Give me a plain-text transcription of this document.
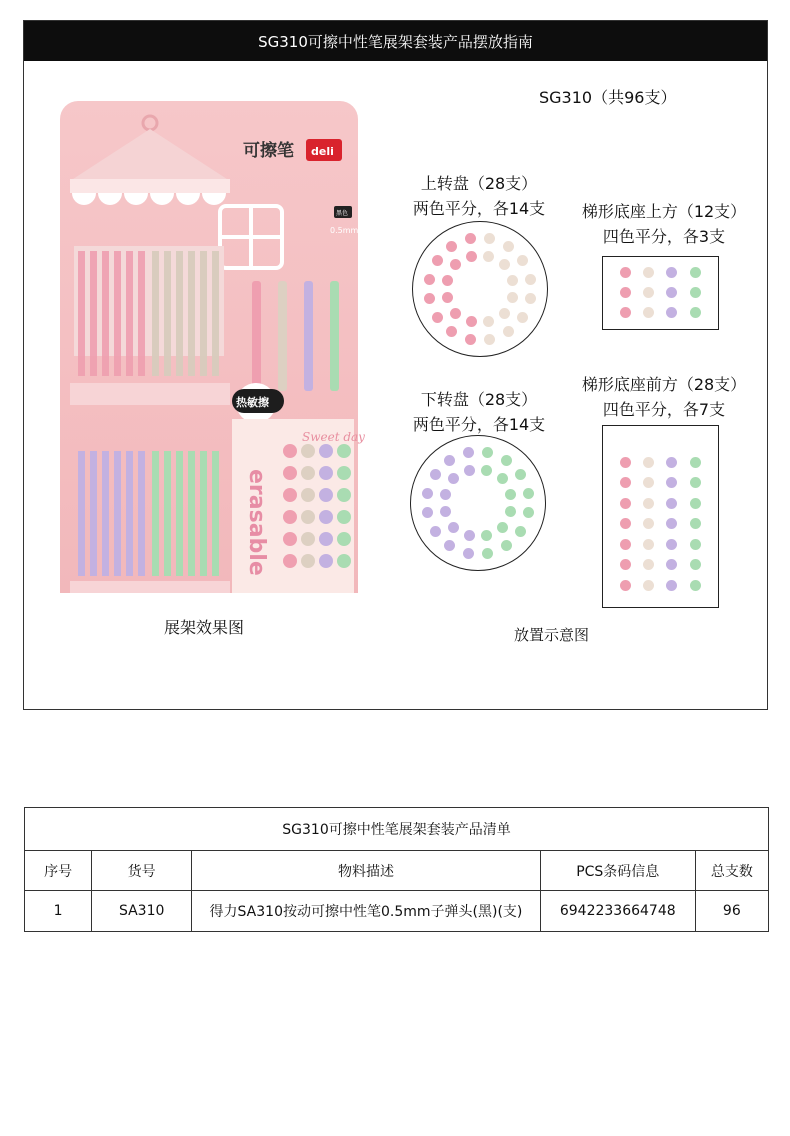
SG310可擦中性笔展架套装产品摆放指南
可擦笔 deli
黑色
0.5mm
热敏擦
Sweet day
erasable
展架效果图
SG310（共96支）
上转盘（28支）
两色平分，各14支
下转盘（28支）
两色平分，各14支
梯形底座上方（12支）
四色平分，各3支
梯形底座前方（28支）
四色平分，各7支
放置示意图
SG310可擦中性笔展架套装产品清单
序号	货号	物料描述	PCS条码信息	总支数
1	SA310	得力SA310按动可擦中性笔0.5mm子弹头(黑)(支)	6942233664748	96
